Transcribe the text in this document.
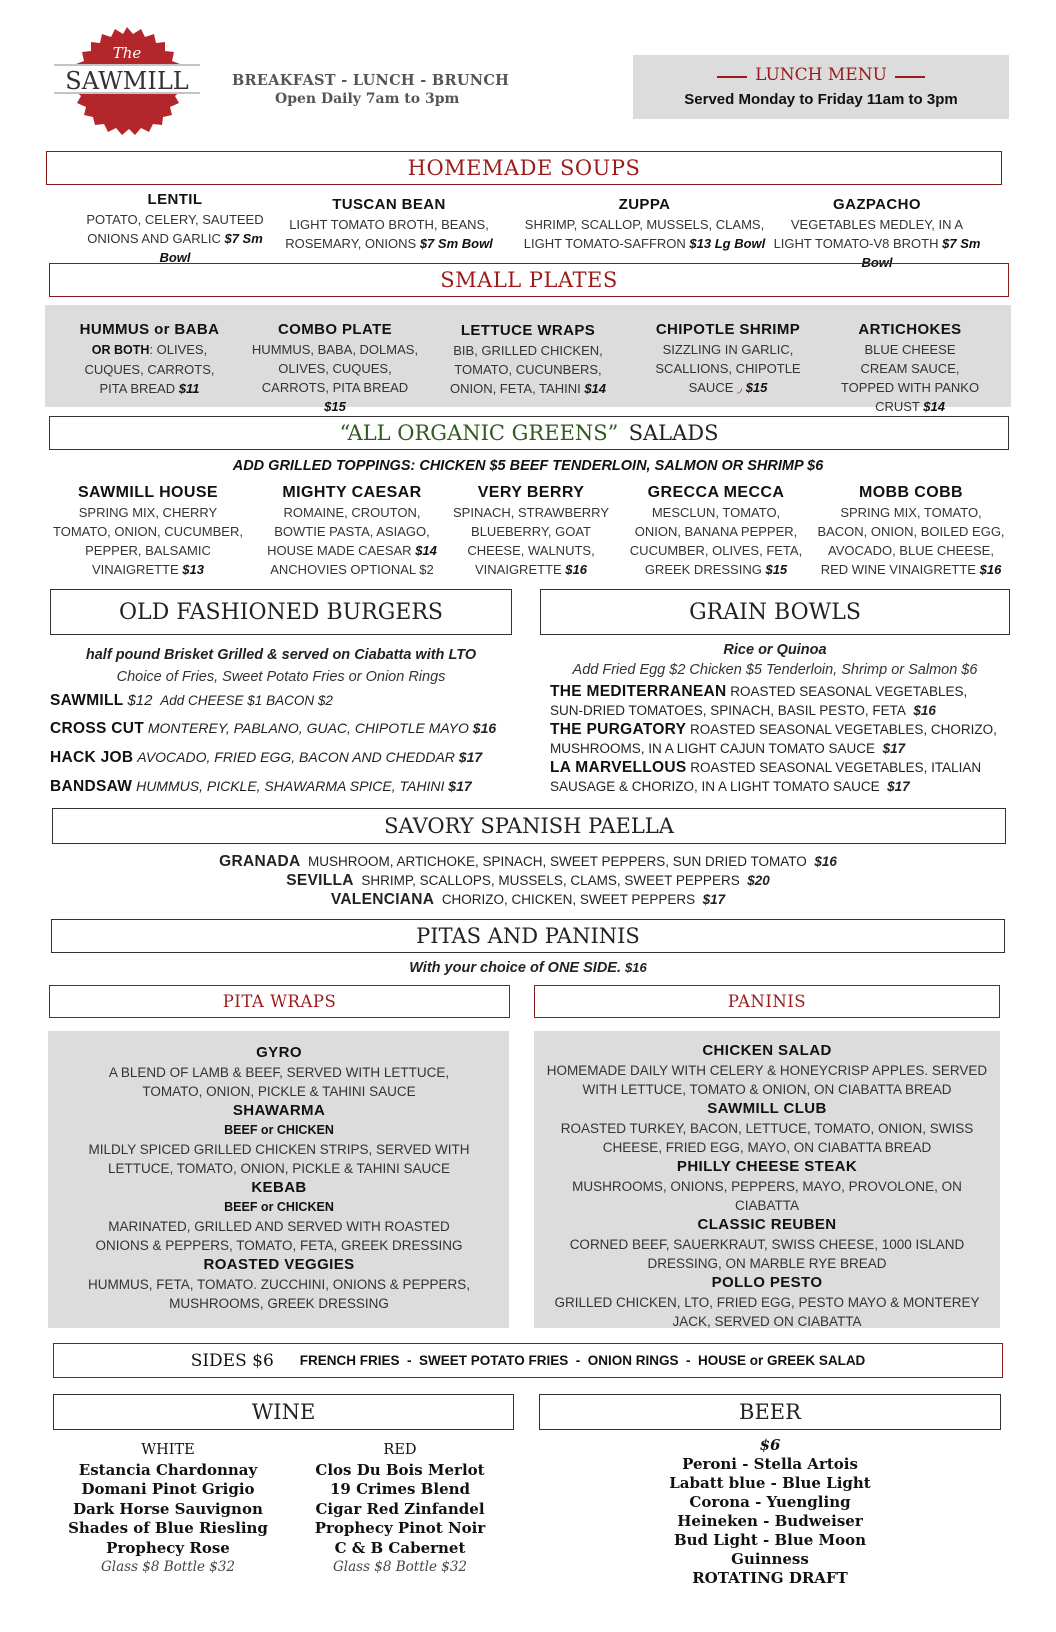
The
SAWMILL	BREAKFAST - LUNCH - BRUNCH
Open Daily 7am to 3pm
LUNCH MENU
Served Monday to Friday 11am to 3pm
HOMEMADE SOUPS
LENTIL
POTATO, CELERY, SAUTEED ONIONS AND GARLIC $7 Sm Bowl
TUSCAN BEAN
LIGHT TOMATO BROTH, BEANS, ROSEMARY, ONIONS $7 Sm Bowl
ZUPPA
SHRIMP, SCALLOP, MUSSELS, CLAMS, LIGHT TOMATO-SAFFRON $13 Lg Bowl
GAZPACHO
VEGETABLES MEDLEY, IN A LIGHT TOMATO-V8 BROTH $7 Sm Bowl
SMALL PLATES
HUMMUS or BABA
OR BOTH: OLIVES, CUQUES, CARROTS, PITA BREAD $11
COMBO PLATE
HUMMUS, BABA, DOLMAS, OLIVES, CUQUES, CARROTS, PITA BREAD $15
LETTUCE WRAPS
BIB, GRILLED CHICKEN, TOMATO, CUCUNBERS, ONION, FETA, TAHINI $14
CHIPOTLE SHRIMP
SIZZLING IN GARLIC, SCALLIONS, CHIPOTLE SAUCE ◞ $15
ARTICHOKES
BLUE CHEESE CREAM SAUCE, TOPPED WITH PANKO CRUST $14
“ALL ORGANIC GREENS”
SALADS
ADD GRILLED TOPPINGS: CHICKEN $5 BEEF TENDERLOIN, SALMON OR SHRIMP $6
SAWMILL HOUSE
SPRING MIX, CHERRY TOMATO, ONION, CUCUMBER, PEPPER, BALSAMIC VINAIGRETTE $13
MIGHTY CAESAR
ROMAINE, CROUTON, BOWTIE PASTA, ASIAGO, HOUSE MADE CAESAR $14
ANCHOVIES OPTIONAL $2
VERY BERRY
SPINACH, STRAWBERRY BLUEBERRY, GOAT CHEESE, WALNUTS, VINAIGRETTE $16
GRECCA MECCA
MESCLUN, TOMATO, ONION, BANANA PEPPER, CUCUMBER, OLIVES, FETA, GREEK DRESSING $15
MOBB COBB
SPRING MIX, TOMATO, BACON, ONION, BOILED EGG, AVOCADO, BLUE CHEESE, RED WINE VINAIGRETTE $16
OLD FASHIONED BURGERS
half pound Brisket Grilled & served on Ciabatta with LTO
Choice of Fries, Sweet Potato Fries or Onion Rings
SAWMILL $12 Add CHEESE $1 BACON $2
CROSS CUT MONTEREY, PABLANO, GUAC, CHIPOTLE MAYO $16
HACK JOB AVOCADO, FRIED EGG, BACON AND CHEDDAR $17
BANDSAW HUMMUS, PICKLE, SHAWARMA SPICE, TAHINI $17
GRAIN BOWLS
Rice or Quinoa
Add Fried Egg $2 Chicken $5 Tenderloin, Shrimp or Salmon $6
THE MEDITERRANEAN ROASTED SEASONAL VEGETABLES,
SUN-DRIED TOMATOES, SPINACH, BASIL PESTO, FETA $16
THE PURGATORY ROASTED SEASONAL VEGETABLES, CHORIZO,
MUSHROOMS, IN A LIGHT CAJUN TOMATO SAUCE $17
LA MARVELLOUS ROASTED SEASONAL VEGETABLES, ITALIAN
SAUSAGE & CHORIZO, IN A LIGHT TOMATO SAUCE $17
SAVORY SPANISH PAELLA
GRANADA MUSHROOM, ARTICHOKE, SPINACH, SWEET PEPPERS, SUN DRIED TOMATO $16
SEVILLA SHRIMP, SCALLOPS, MUSSELS, CLAMS, SWEET PEPPERS $20
VALENCIANA CHORIZO, CHICKEN, SWEET PEPPERS $17
PITAS AND PANINIS
With your choice of ONE SIDE. $16
PITA WRAPS	PANINIS
GYRO
A BLEND OF LAMB & BEEF, SERVED WITH LETTUCE, TOMATO, ONION, PICKLE & TAHINI SAUCE
SHAWARMA
BEEF or CHICKEN
MILDLY SPICED GRILLED CHICKEN STRIPS, SERVED WITH LETTUCE, TOMATO, ONION, PICKLE & TAHINI SAUCE
KEBAB
BEEF or CHICKEN
MARINATED, GRILLED AND SERVED WITH ROASTED ONIONS & PEPPERS, TOMATO, FETA, GREEK DRESSING
ROASTED VEGGIES
HUMMUS, FETA, TOMATO. ZUCCHINI, ONIONS & PEPPERS, MUSHROOMS, GREEK DRESSING
CHICKEN SALAD
HOMEMADE DAILY WITH CELERY & HONEYCRISP APPLES. SERVED WITH LETTUCE, TOMATO & ONION, ON CIABATTA BREAD
SAWMILL CLUB
ROASTED TURKEY, BACON, LETTUCE, TOMATO, ONION, SWISS CHEESE, FRIED EGG, MAYO, ON CIABATTA BREAD
PHILLY CHEESE STEAK
MUSHROOMS, ONIONS, PEPPERS, MAYO, PROVOLONE, ON CIABATTA
CLASSIC REUBEN
CORNED BEEF, SAUERKRAUT, SWISS CHEESE, 1000 ISLAND DRESSING, ON MARBLE RYE BREAD
POLLO PESTO
GRILLED CHICKEN, LTO, FRIED EGG, PESTO MAYO & MONTEREY JACK, SERVED ON CIABATTA
SIDES $6 FRENCH FRIES  -  SWEET POTATO FRIES  -  ONION RINGS  -  HOUSE or GREEK SALAD
WINE
WHITE
Estancia Chardonnay
Domani Pinot Grigio
Dark Horse Sauvignon
Shades of Blue Riesling
Prophecy Rose
Glass $8 Bottle $32
RED
Clos Du Bois Merlot
19 Crimes Blend
Cigar Red Zinfandel
Prophecy Pinot Noir
C & B Cabernet
Glass $8 Bottle $32
BEER
$6
Peroni - Stella Artois
Labatt blue - Blue Light
Corona - Yuengling
Heineken - Budweiser
Bud Light - Blue Moon
Guinness
ROTATING DRAFT
